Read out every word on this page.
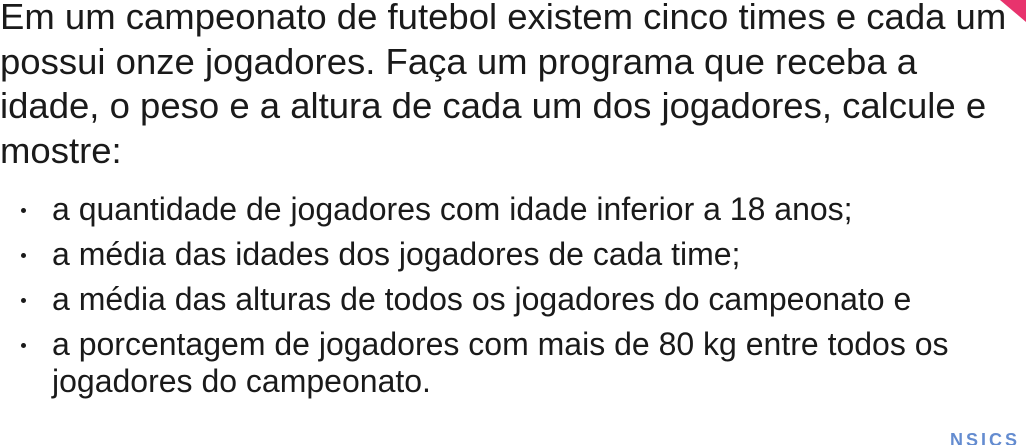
Em um campeonato de futebol existem cinco times e cada um possui onze jogadores. Faça um programa que receba a idade, o peso e a altura de cada um dos jogadores, calcule e mostre:

a quantidade de jogadores com idade inferior a 18 anos;
a média das idades dos jogadores de cada time;
a média das alturas de todos os jogadores do campeonato e
a porcentagem de jogadores com mais de 80 kg entre todos os jogadores do campeonato.
NSICS
